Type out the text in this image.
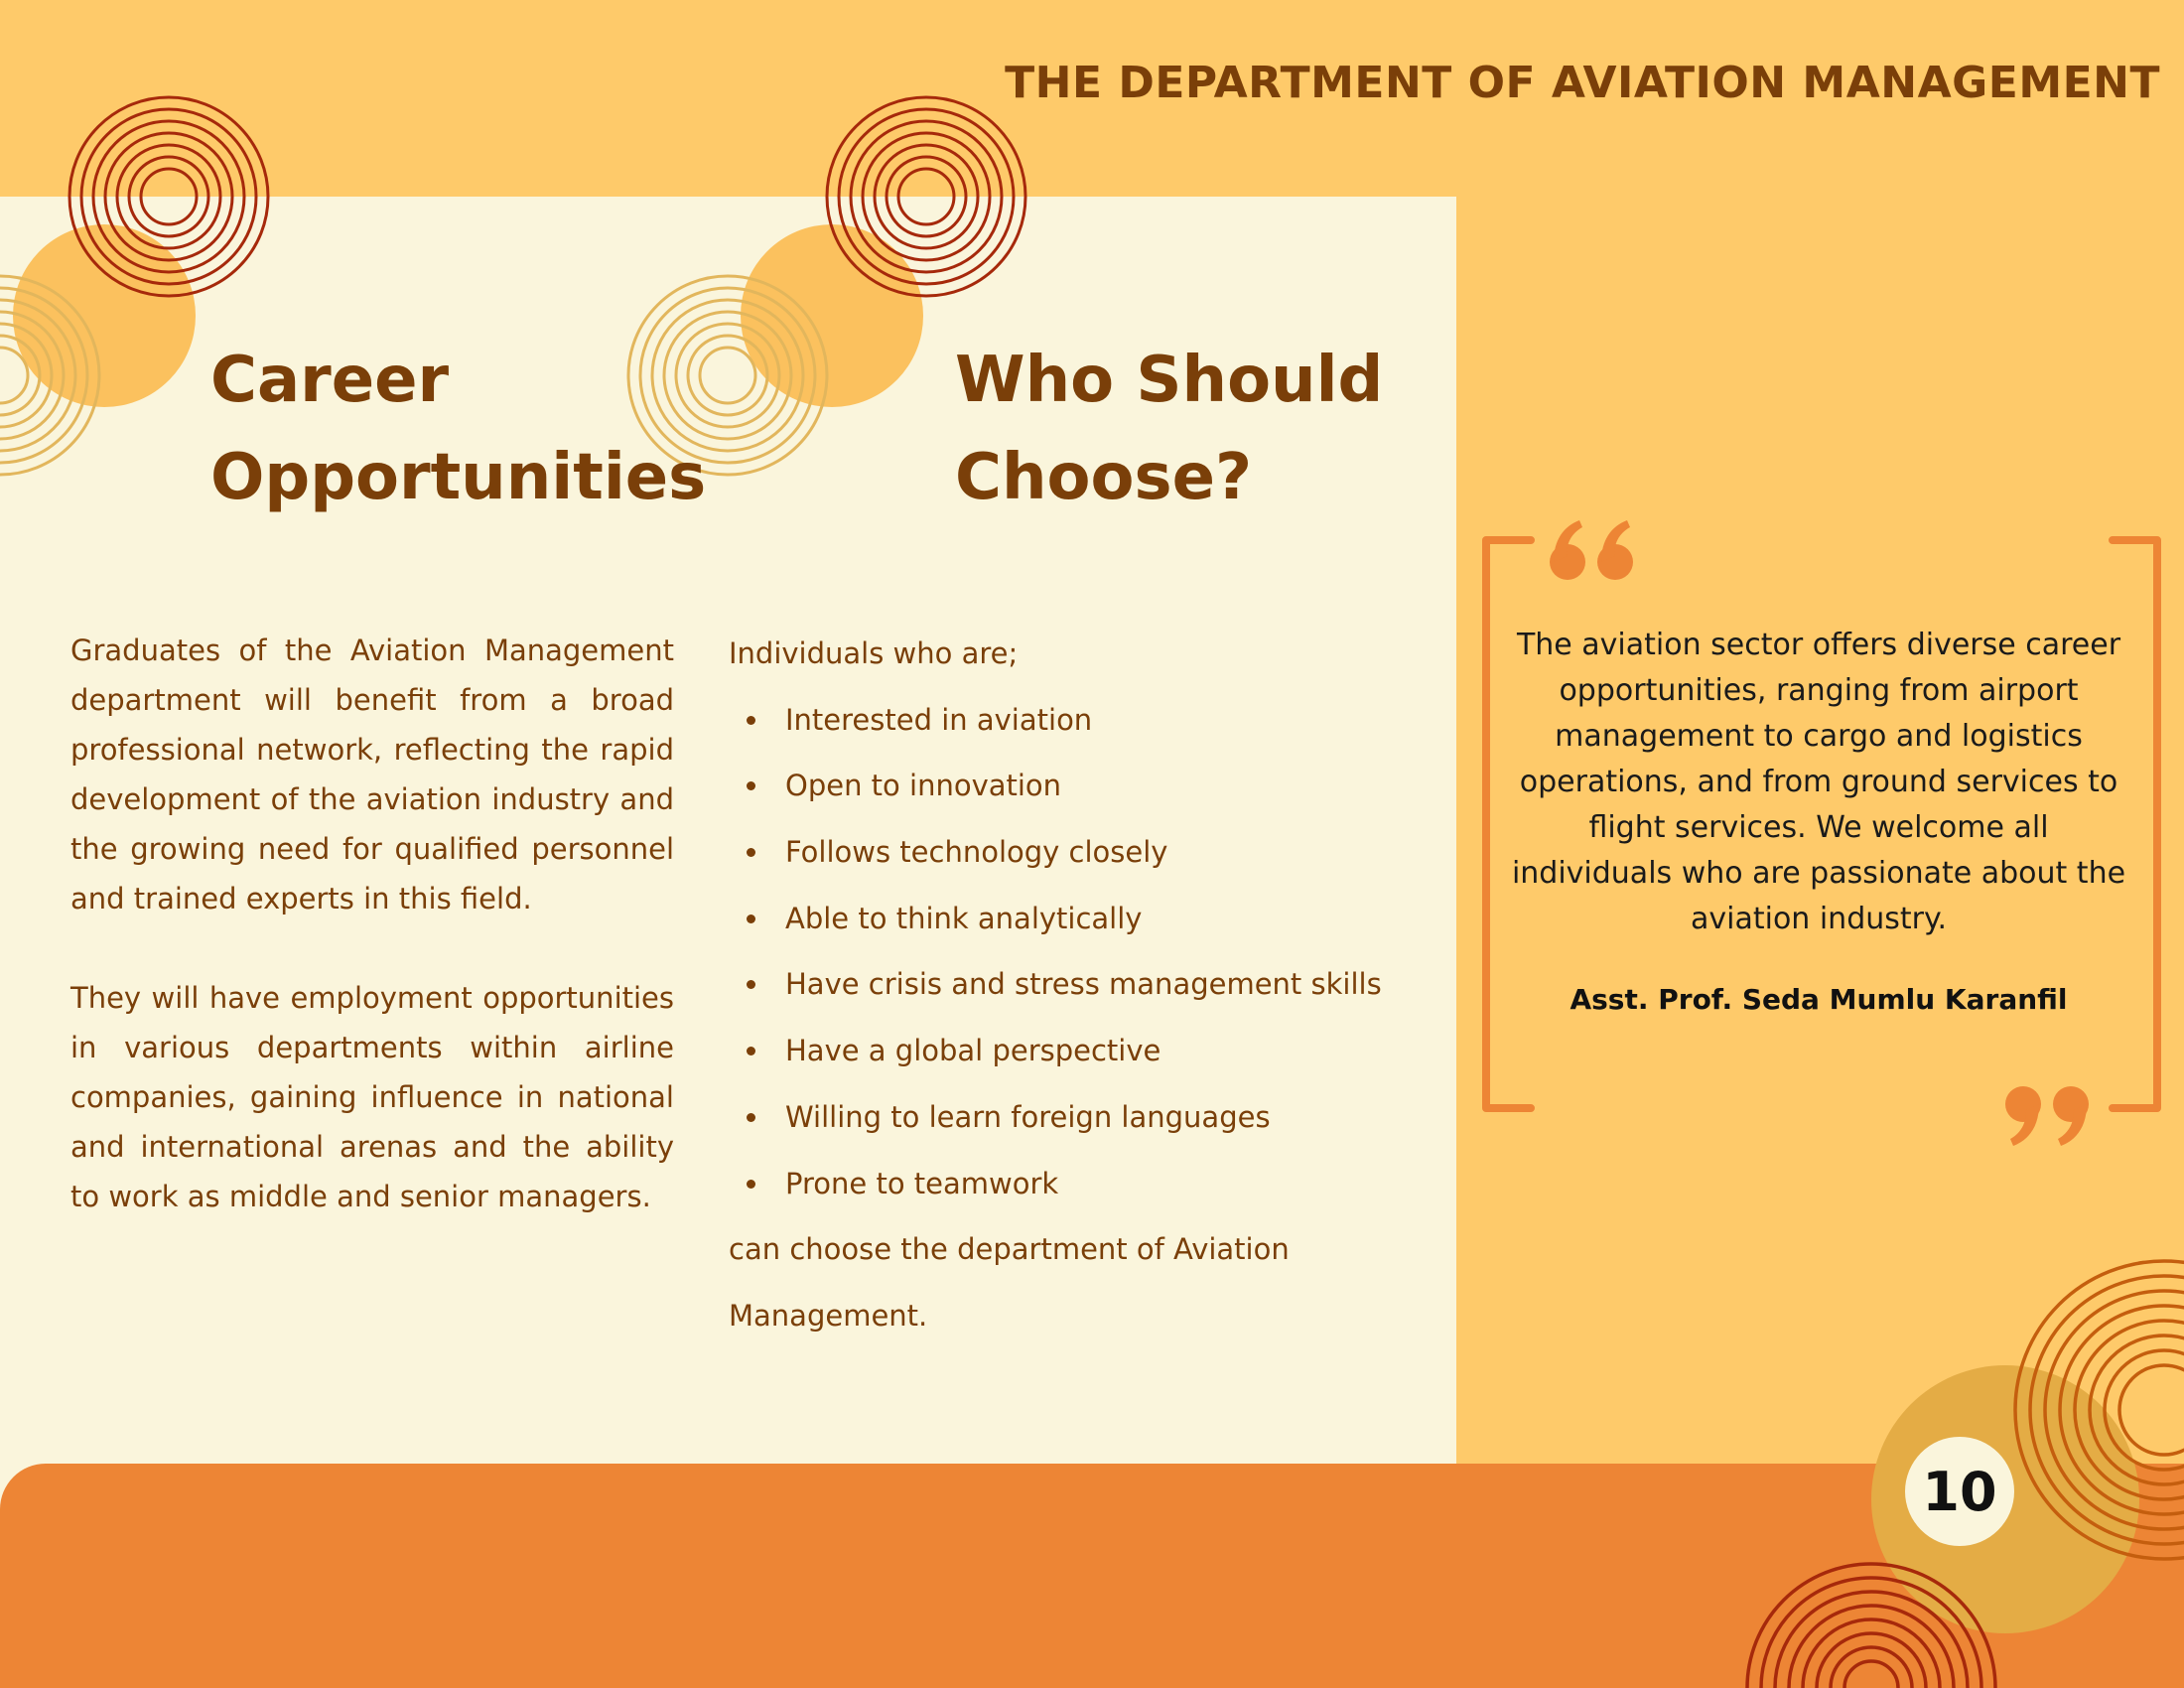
THE DEPARTMENT OF AVIATION MANAGEMENT
Career
Opportunities

Graduates of the Aviation Management department will benefit from a broad professional network, reflecting the rapid development of the aviation industry and the growing need for qualified personnel and trained experts in this field.

They will have employment opportunities in various departments within airline companies, gaining influence in national and international arenas and the ability to work as middle and senior managers.

Who Should
Choose?
Individuals who are;
Interested in aviation
Open to innovation
Follows technology closely
Able to think analytically
Have crisis and stress management skills
Have a global perspective
Willing to learn foreign languages
Prone to teamwork
can choose the department of Aviation
Management.

The aviation sector offers diverse career opportunities, ranging from airport management to cargo and logistics operations, and from ground services to flight services. We welcome all individuals who are passionate about the aviation industry.

Asst. Prof. Seda Mumlu Karanfil

10
